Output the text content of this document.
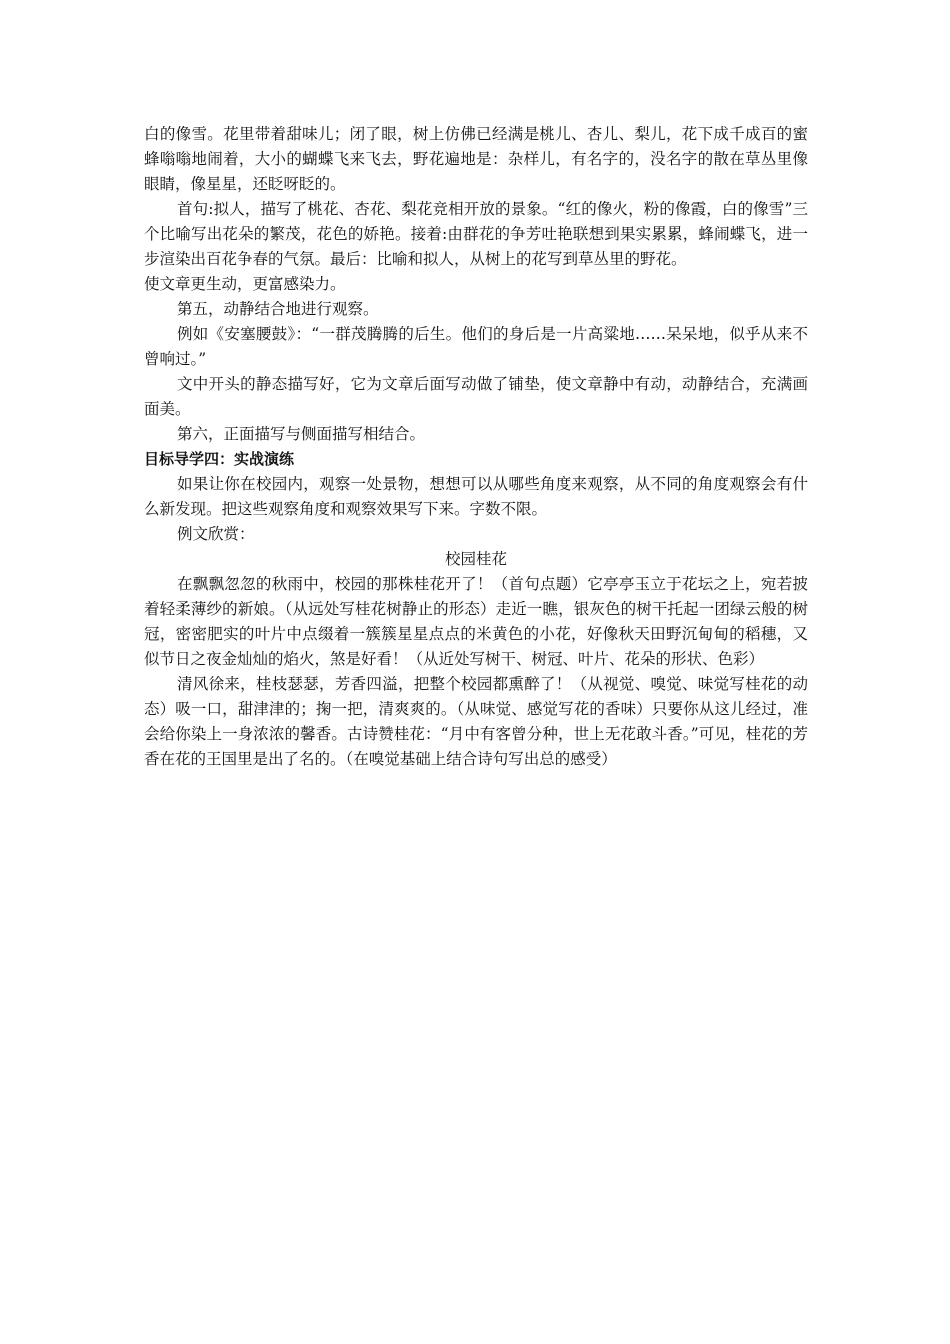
白的像雪。花里带着甜味儿；闭了眼，树上仿佛已经满是桃儿、杏儿、梨儿，花下成千成百的蜜蜂嗡嗡地闹着，大小的蝴蝶飞来飞去，野花遍地是：杂样儿，有名字的，没名字的散在草丛里像眼睛，像星星，还眨呀眨的。

首句:拟人，描写了桃花、杏花、梨花竞相开放的景象。“红的像火，粉的像霞，白的像雪”三个比喻写出花朵的繁茂，花色的娇艳。接着:由群花的争芳吐艳联想到果实累累，蜂闹蝶飞，进一步渲染出百花争春的气氛。最后：比喻和拟人，从树上的花写到草丛里的野花。

使文章更生动，更富感染力。

第五，动静结合地进行观察。

例如《安塞腰鼓》：“一群茂腾腾的后生。他们的身后是一片高粱地……呆呆地，似乎从来不曾响过。”

文中开头的静态描写好，它为文章后面写动做了铺垫，使文章静中有动，动静结合，充满画面美。

第六，正面描写与侧面描写相结合。

目标导学四：实战演练

如果让你在校园内，观察一处景物，想想可以从哪些角度来观察，从不同的角度观察会有什么新发现。把这些观察角度和观察效果写下来。字数不限。

例文欣赏：

校园桂花

在飘飘忽忽的秋雨中，校园的那株桂花开了！（首句点题）它亭亭玉立于花坛之上，宛若披着轻柔薄纱的新娘。（从远处写桂花树静止的形态）走近一瞧，银灰色的树干托起一团绿云般的树冠，密密肥实的叶片中点缀着一簇簇星星点点的米黄色的小花，好像秋天田野沉甸甸的稻穗，又似节日之夜金灿灿的焰火，煞是好看！（从近处写树干、树冠、叶片、花朵的形状、色彩）

清风徐来，桂枝瑟瑟，芳香四溢，把整个校园都熏醉了！（从视觉、嗅觉、味觉写桂花的动态）吸一口，甜津津的；掬一把，清爽爽的。（从味觉、感觉写花的香味）只要你从这儿经过，准会给你染上一身浓浓的馨香。古诗赞桂花：“月中有客曾分种，世上无花敢斗香。”可见，桂花的芳香在花的王国里是出了名的。（在嗅觉基础上结合诗句写出总的感受）
